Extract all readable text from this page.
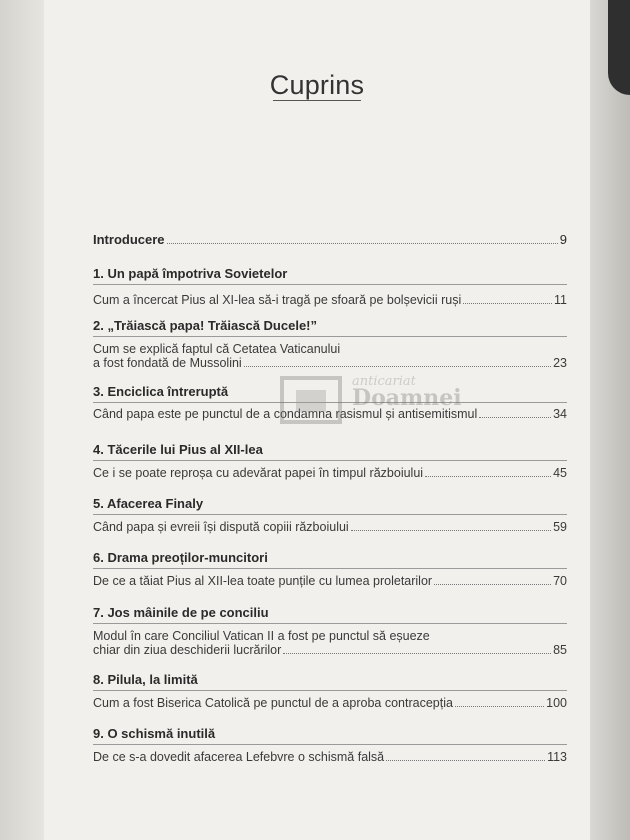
Cuprins
Introducere	9
1. Un papă împotriva Sovietelor
Cum a încercat Pius al XI-lea să-i tragă pe sfoară pe bolșevicii ruși	11
2. „Trăiască papa! Trăiască Ducele!”
Cum se explică faptul că Cetatea Vaticanului
a fost fondată de Mussolini	23
3. Enciclica întreruptă
Când papa este pe punctul de a condamna rasismul și antisemitismul	34
4. Tăcerile lui Pius al XII-lea
Ce i se poate reproșa cu adevărat papei în timpul războiului	45
5. Afacerea Finaly
Când papa și evreii își dispută copiii războiului	59
6. Drama preoților-muncitori
De ce a tăiat Pius al XII-lea toate punțile cu lumea proletarilor	70
7. Jos mâinile de pe conciliu
Modul în care Conciliul Vatican II a fost pe punctul să eșueze
chiar din ziua deschiderii lucrărilor	85
8. Pilula, la limită
Cum a fost Biserica Catolică pe punctul de a aproba contracepția	100
9. O schismă inutilă
De ce s-a dovedit afacerea Lefebvre o schismă falsă	113
anticariat
Doamnei
